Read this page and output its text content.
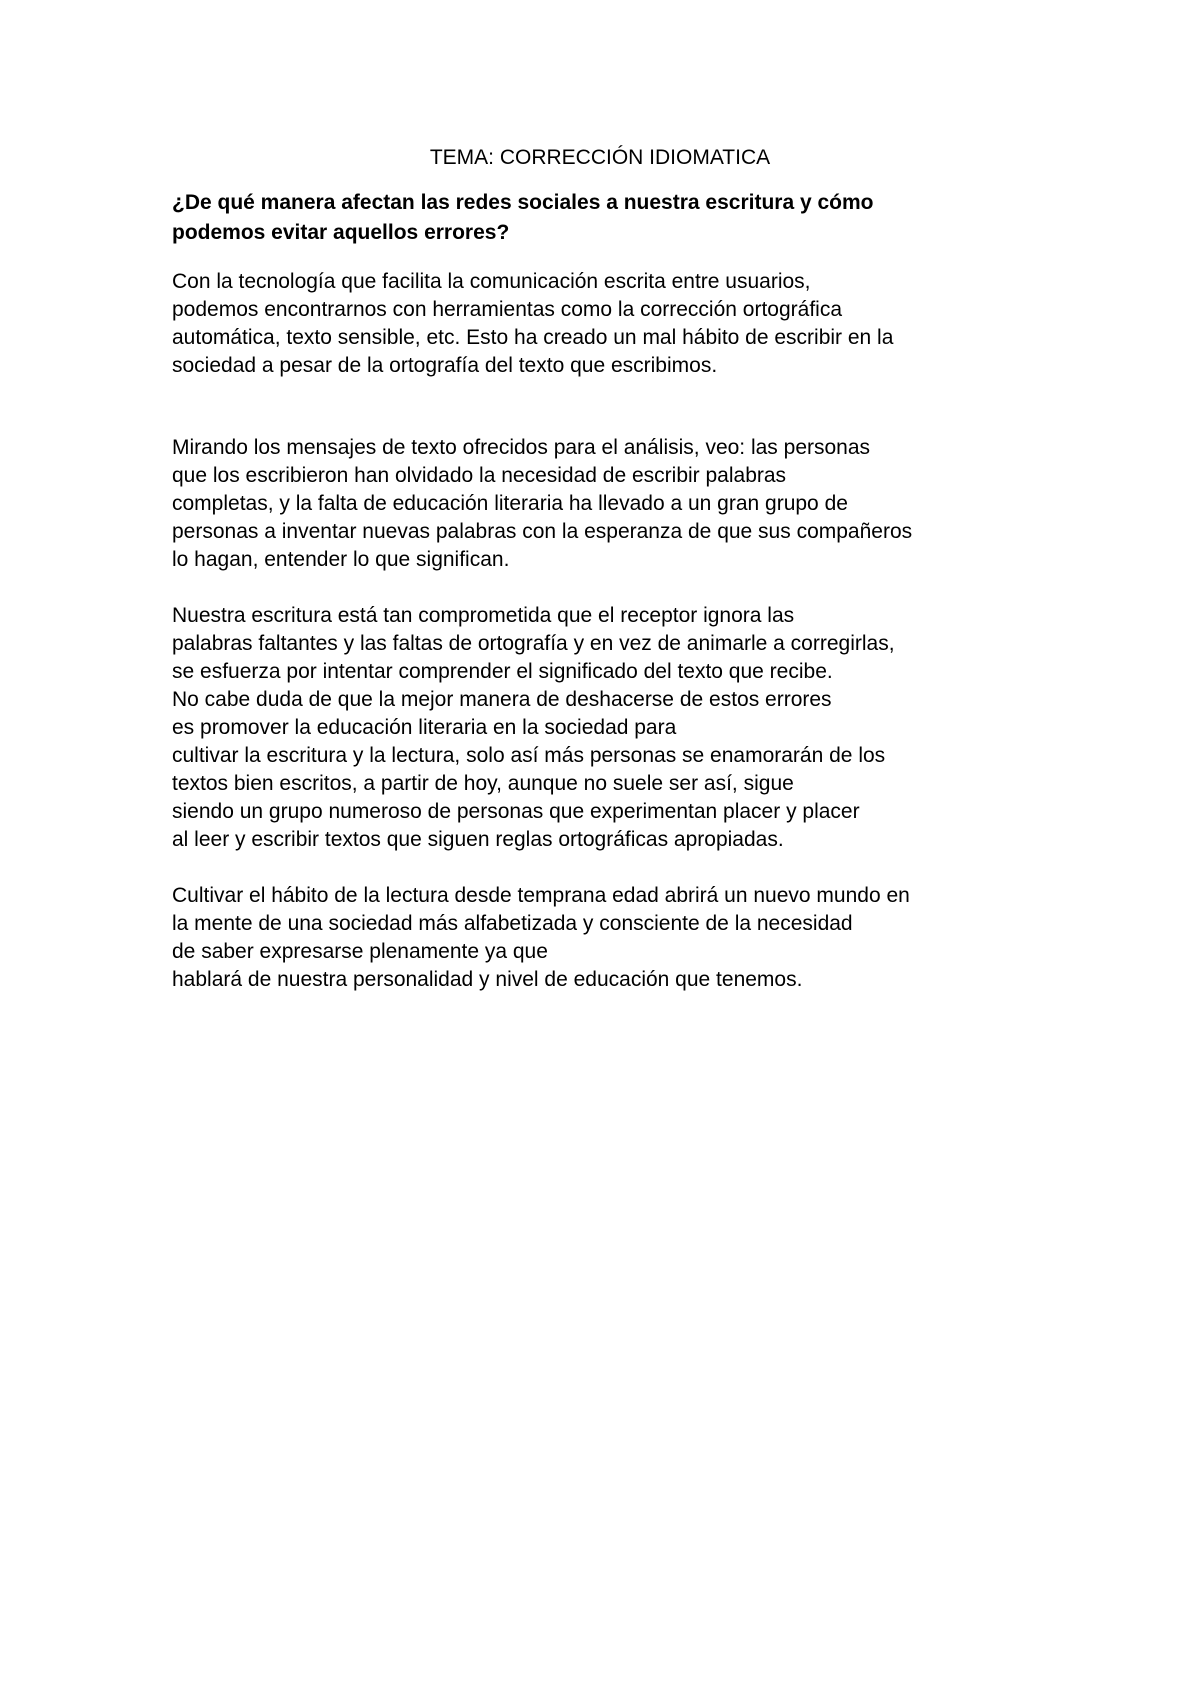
TEMA: CORRECCIÓN IDIOMATICA

¿De qué manera afectan las redes sociales a nuestra escritura y cómo
podemos evitar aquellos errores?

Con la tecnología que facilita la comunicación escrita entre usuarios,
podemos encontrarnos con herramientas como la corrección ortográfica
automática, texto sensible, etc. Esto ha creado un mal hábito de escribir en la
sociedad a pesar de la ortografía del texto que escribimos.

Mirando los mensajes de texto ofrecidos para el análisis, veo: las personas
que los escribieron han olvidado la necesidad de escribir palabras
completas, y la falta de educación literaria ha llevado a un gran grupo de
personas a inventar nuevas palabras con la esperanza de que sus compañeros
lo hagan, entender lo que significan.

Nuestra escritura está tan comprometida que el receptor ignora las
palabras faltantes y las faltas de ortografía y en vez de animarle a corregirlas,
se esfuerza por intentar comprender el significado del texto que recibe.
No cabe duda de que la mejor manera de deshacerse de estos errores
es promover la educación literaria en la sociedad para
cultivar la escritura y la lectura, solo así más personas se enamorarán de los
textos bien escritos, a partir de hoy, aunque no suele ser así, sigue
siendo un grupo numeroso de personas que experimentan placer y placer
al leer y escribir textos que siguen reglas ortográficas apropiadas.

Cultivar el hábito de la lectura desde temprana edad abrirá un nuevo mundo en
la mente de una sociedad más alfabetizada y consciente de la necesidad
de saber expresarse plenamente ya que
hablará de nuestra personalidad y nivel de educación que tenemos.
